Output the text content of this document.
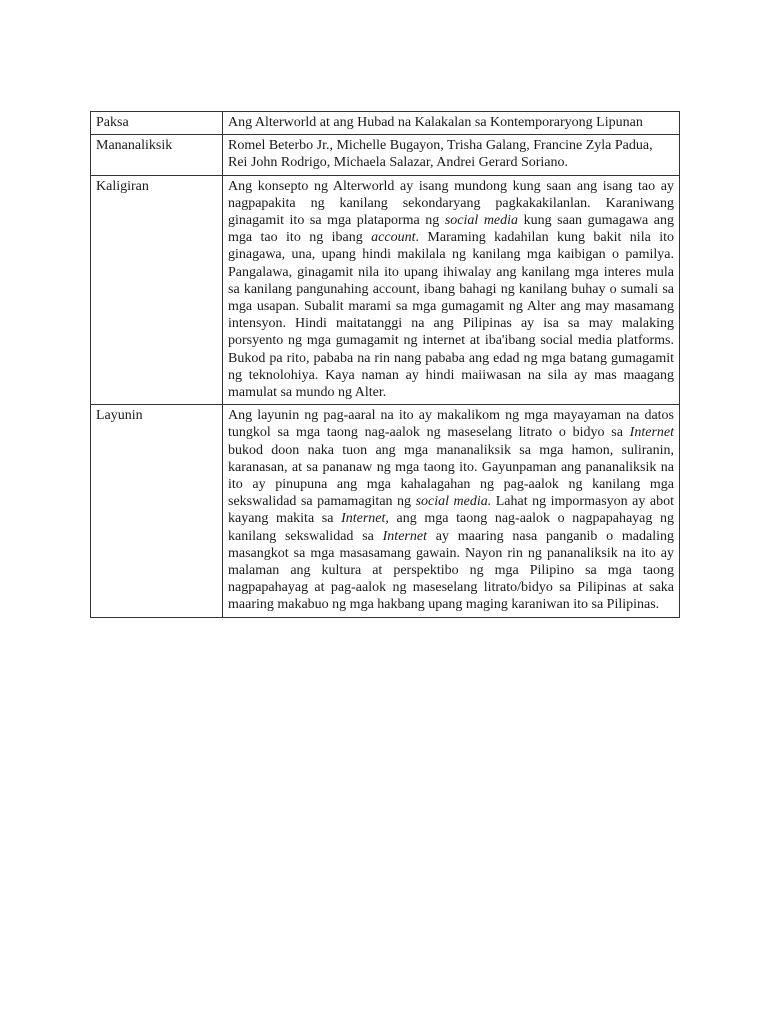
Paksa	Ang Alterworld at ang Hubad na Kalakalan sa Kontemporaryong Lipunan
Mananaliksik	Romel Beterbo Jr., Michelle Bugayon, Trisha Galang, Francine Zyla Padua, Rei John Rodrigo, Michaela Salazar, Andrei Gerard Soriano.
Kaligiran	Ang konsepto ng Alterworld ay isang mundong kung saan ang isang tao ay nagpapakita ng kanilang sekondaryang pagkakakilanlan. Karaniwang ginagamit ito sa mga plataporma ng social media kung saan gumagawa ang mga tao ito ng ibang account. Maraming kadahilan kung bakit nila ito ginagawa, una, upang hindi makilala ng kanilang mga kaibigan o pamilya. Pangalawa, ginagamit nila ito upang ihiwalay ang kanilang mga interes mula sa kanilang pangunahing account, ibang bahagi ng kanilang buhay o sumali sa mga usapan. Subalit marami sa mga gumagamit ng Alter ang may masamang intensyon. Hindi maitatanggi na ang Pilipinas ay isa sa may malaking porsyento ng mga gumagamit ng internet at iba'ibang social media platforms. Bukod pa rito, pababa na rin nang pababa ang edad ng mga batang gumagamit ng teknolohiya. Kaya naman ay hindi maiiwasan na sila ay mas maagang mamulat sa mundo ng Alter.
Layunin	Ang layunin ng pag-aaral na ito ay makalikom ng mga mayayaman na datos tungkol sa mga taong nag-aalok ng maseselang litrato o bidyo sa Internet bukod doon naka tuon ang mga mananaliksik sa mga hamon, suliranin, karanasan, at sa pananaw ng mga taong ito. Gayunpaman ang pananaliksik na ito ay pinupuna ang mga kahalagahan ng pag-aalok ng kanilang mga sekswalidad sa pamamagitan ng social media. Lahat ng impormasyon ay abot kayang makita sa Internet, ang mga taong nag-aalok o nagpapahayag ng kanilang sekswalidad sa Internet ay maaring nasa panganib o madaling masangkot sa mga masasamang gawain. Nayon rin ng pananaliksik na ito ay malaman ang kultura at perspektibo ng mga Pilipino sa mga taong nagpapahayag at pag-aalok ng maseselang litrato/bidyo sa Pilipinas at saka maaring makabuo ng mga hakbang upang maging karaniwan ito sa Pilipinas.
